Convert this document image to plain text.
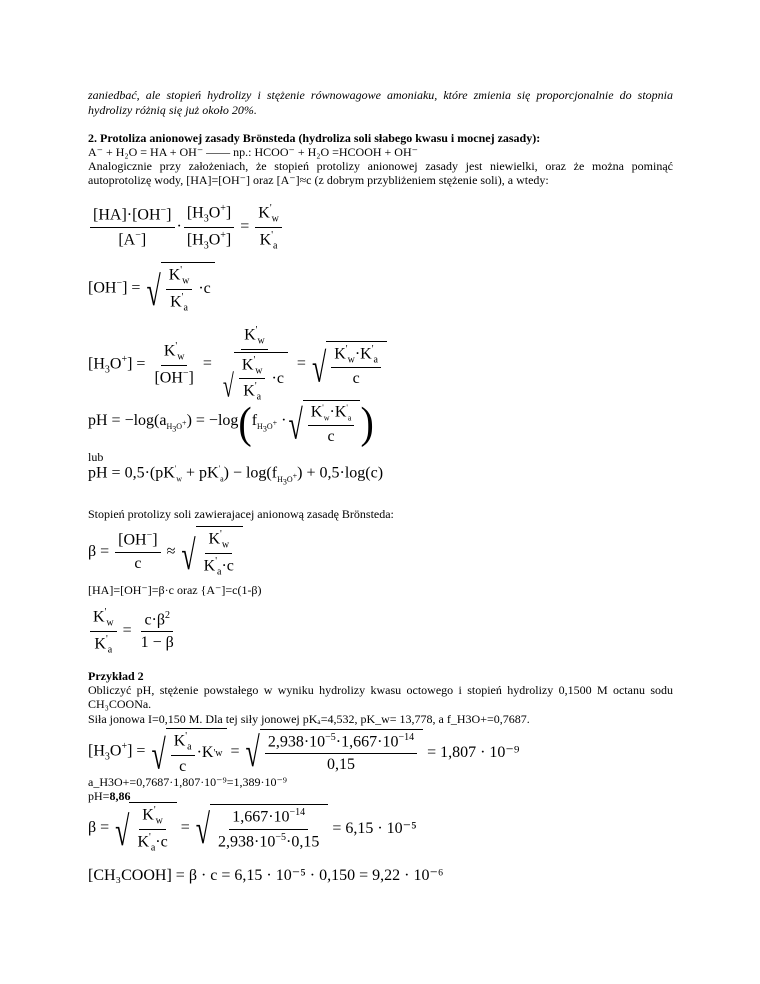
zaniedbać, ale stopień hydrolizy i stężenie równowagowe amoniaku, które zmienia się proporcjonalnie do stopnia
hydrolizy różnią się już około 20%.
2. Protoliza anionowej zasady Brönsteda (hydroliza soli słabego kwasu i mocnej zasady):
A⁻ + H₂O = HA + OH⁻ —— np.: HCOO⁻ + H₂O =HCOOH + OH⁻
Analogicznie przy założeniach, że stopień protolizy anionowej zasady jest niewielki, oraz że można pominąć
autoprotolizę wody, [HA]=[OH⁻] oraz [A⁻]≈c (z dobrym przybliżeniem stężenie soli), a wtedy:
$\frac{[HA]\cdot[OH^-]}{[A^-]} \cdot \frac{[H_3O^+]}{[H_3O^+]} = \frac{K'_w}{K'_a}$
[OH−] = √ $\frac{K'_w}{K'_a} \cdot c$
$[H_3O^+] = \frac{K'_w}{[OH^-]} = \frac{K'_w}{√ \frac{K'_w}{K'_a} \cdot c}$ = √ $\frac{K'_w\cdot K'_a}{c}$
pH = $-\log(a_{H_3O^+}) = -\log$ ( $f_{H_3O^+}$ · √ $\frac{K'_w\cdot K'_a}{c}$ )
lub
pH = $0,5\cdot(pK'_w + pK'_a) - \log(f_{H_3O^+}) + 0,5\cdot\log(c)$
Stopień protolizy soli zawierajacej anionową zasadę Brönsteda:
$\beta = \frac{[OH^-]}{c}$ ≈ √ $\frac{K'_w}{K'_a\cdot c}$
[HA]=[OH⁻]=β·c oraz {A⁻]=c(1-β)
$\frac{K'_w}{K'_a} = \frac{c\cdot\beta^2}{1 - \beta}$
Przykład 2
Obliczyć pH, stężenie powstałego w wyniku hydrolizy kwasu octowego i stopień hydrolizy 0,1500 M octanu sodu
CH₃COONa.
Siła jonowa I=0,150 M. Dla tej siły jonowej pKₐ=4,532, pK_w= 13,778, a f_H3O+=0,7687.
$[H_3O^+]$ = √ $\frac{K'_a}{c} \cdot K$ ' w = √ $\frac{2,938\cdot 10^{-5}\cdot 1,667\cdot 10^{-14}}{0,15} = 1,807 \cdot 10^{-9}$
a_H3O+=0,7687·1,807·10⁻⁹=1,389·10⁻⁹
pH=8,86
β = √ $\frac{K'_w}{K'_a\cdot c}$ = √ $\frac{1,667\cdot 10^{-14}}{2,938\cdot 10^{-5}\cdot 0,15} = 6,15 \cdot 10^{-5}$
[CH₃COOH] = β · c = 6,15 · 10⁻⁵ · 0,150 = 9,22 · 10⁻⁶
